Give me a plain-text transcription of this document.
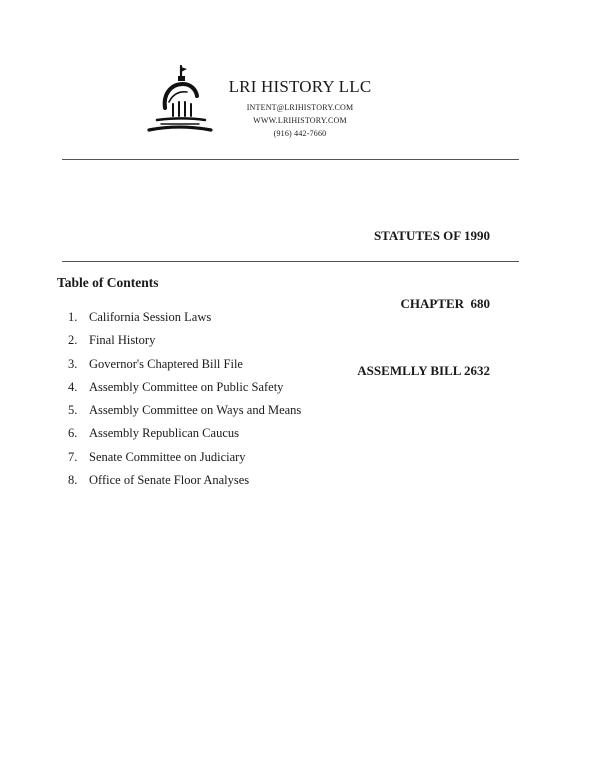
LRI HISTORY LLC
INTENT@LRIHISTORY.COM
WWW.LRIHISTORY.COM
(916) 442-7660

STATUTES OF 1990

CHAPTER  680

ASSEMLLY BILL 2632

Table of Contents
1. California Session Laws
2. Final History
3. Governor's Chaptered Bill File
4. Assembly Committee on Public Safety
5. Assembly Committee on Ways and Means
6. Assembly Republican Caucus
7. Senate Committee on Judiciary
8. Office of Senate Floor Analyses
